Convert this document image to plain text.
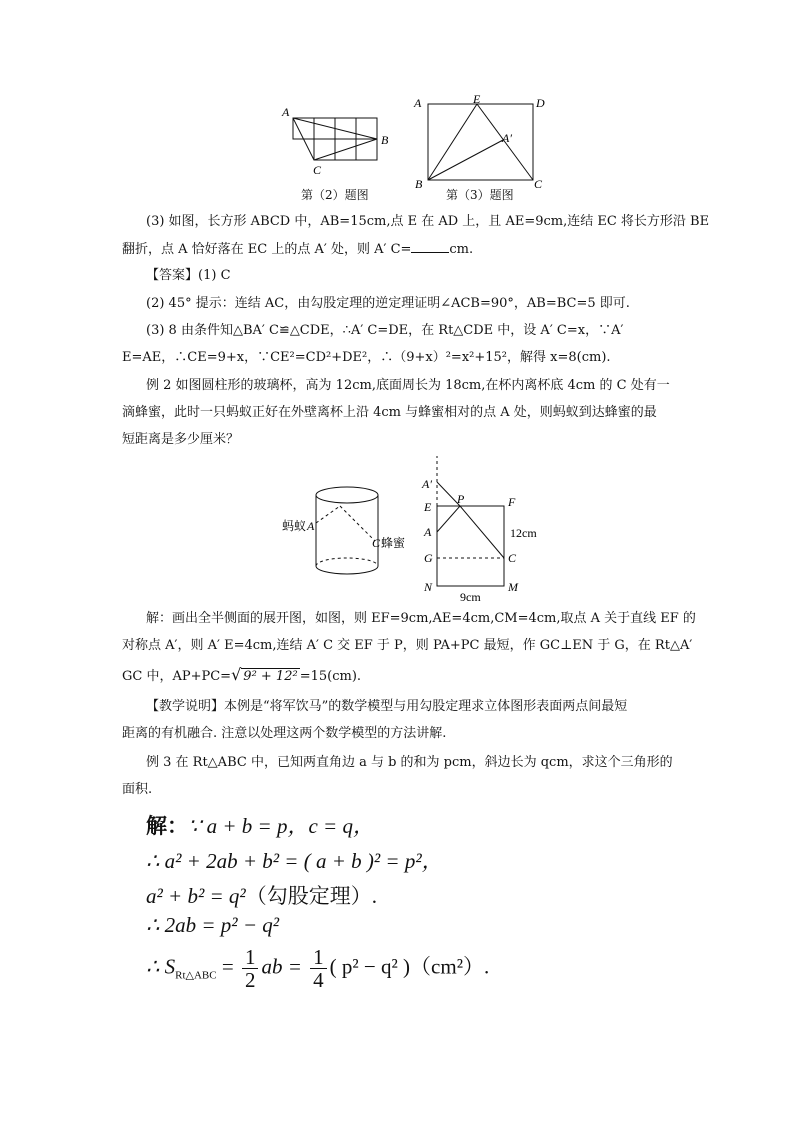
A
B
C
第（2）题图
A	E	D
A′
B	C
第（3）题图
(3) 如图，长方形 ABCD 中，AB=15cm,点 E 在 AD 上，且 AE=9cm,连结 EC 将长方形沿 BE
翻折，点 A 恰好落在 EC 上的点 A′ 处，则 A′ C=	cm.
【答案】(1) C
(2) 45° 提示：连结 AC，由勾股定理的逆定理证明∠ACB=90°，AB=BC=5 即可.
(3) 8 由条件知△BA′ C≌△CDE，∴A′ C=DE，在 Rt△CDE 中，设 A′ C=x，∵A′
E=AE，∴CE=9+x，∵CE²=CD²+DE²，∴（9+x）²=x²+15²，解得 x=8(cm).
例 2 如图圆柱形的玻璃杯，高为 12cm,底面周长为 18cm,在杯内离杯底 4cm 的 C 处有一
滴蜂蜜，此时一只蚂蚁正好在外壁离杯上沿 4cm 与蜂蜜相对的点 A 处，则蚂蚁到达蜂蜜的最
短距离是多少厘米？
蚂蚁 A
C 蜂蜜
A′
E
P	F
A	12cm
G	C
N	M
9cm
解：画出全半侧面的展开图，如图，则 EF=9cm,AE=4cm,CM=4cm,取点 A 关于直线 EF 的
对称点 A′，则 A′ E=4cm,连结 A′ C 交 EF 于 P，则 PA+PC 最短，作 GC⊥EN 于 G，在 Rt△A′
GC 中，AP+PC=√ 9² + 12² =15(cm).
【教学说明】本例是“将军饮马”的数学模型与用勾股定理求立体图形表面两点间最短
距离的有机融合. 注意以处理这两个数学模型的方法讲解.
例 3 在 Rt△ABC 中，已知两直角边 a 与 b 的和为 pcm，斜边长为 qcm，求这个三角形的
面积.
解：∵ a + b = p，c = q，
∴ a² + 2ab + b² = ( a + b )² = p²，
a² + b² = q²（勾股定理）.
∴ 2ab = p² − q²
∴ $S_{Rt\triangle ABC} = \frac{1}{2}$ ab = $\frac{1}{4}$ ( p² − q² )（cm²）.
